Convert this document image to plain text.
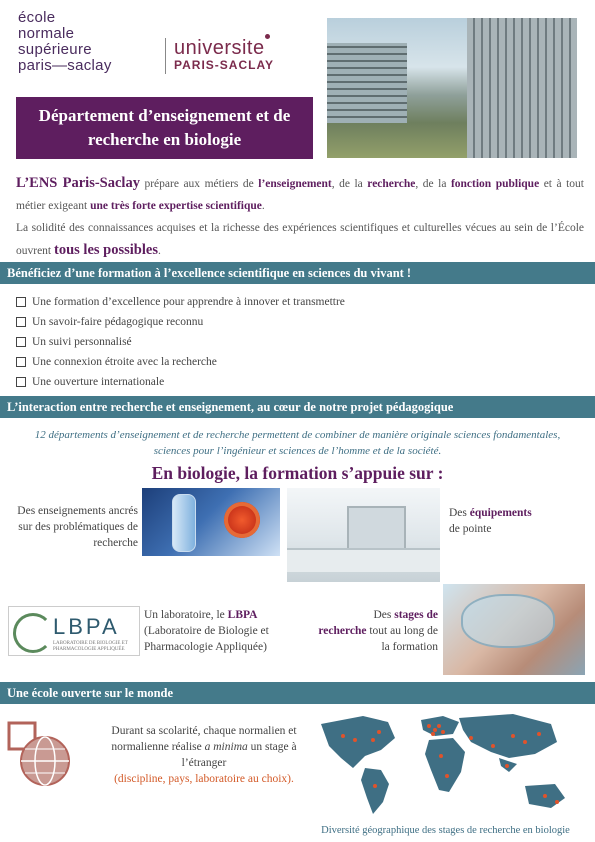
école
normale
supérieure
paris—saclay
universite
PARIS-SACLAY
Département d’enseignement et de
recherche en biologie
L’ENS Paris-Saclay prépare aux métiers de l’enseignement, de la recherche, de la fonction publique et à tout métier exigeant une très forte expertise scientifique.
La solidité des connaissances acquises et la richesse des expériences scientifiques et culturelles vécues au sein de l’École ouvrent tous les possibles.
Bénéficiez d’une formation à l’excellence scientifique en sciences du vivant !
Une formation d’excellence pour apprendre à innover et transmettre
Un savoir-faire pédagogique reconnu
Un suivi personnalisé
Une connexion étroite avec la recherche
Une ouverture internationale
L’interaction entre recherche et enseignement, au cœur de notre projet pédagogique
12 départements d’enseignement et de recherche permettent de combiner de manière originale sciences fondamentales, sciences pour l’ingénieur et sciences de l’homme et de la société.
En biologie, la formation s’appuie sur :
Des enseignements ancrés sur des problématiques de recherche
Des équipements
de pointe
LBPA
LABORATOIRE DE BIOLOGIE ET PHARMACOLOGIE APPLIQUÉE
Un laboratoire, le LBPA
(Laboratoire de Biologie et Pharmacologie Appliquée)
Des stages de
recherche tout au long de la formation
Une école ouverte sur le monde
Durant sa scolarité, chaque normalien et normalienne réalise a minima un stage à l’étranger
(discipline, pays, laboratoire au choix).
Diversité géographique des stages de recherche en biologie
